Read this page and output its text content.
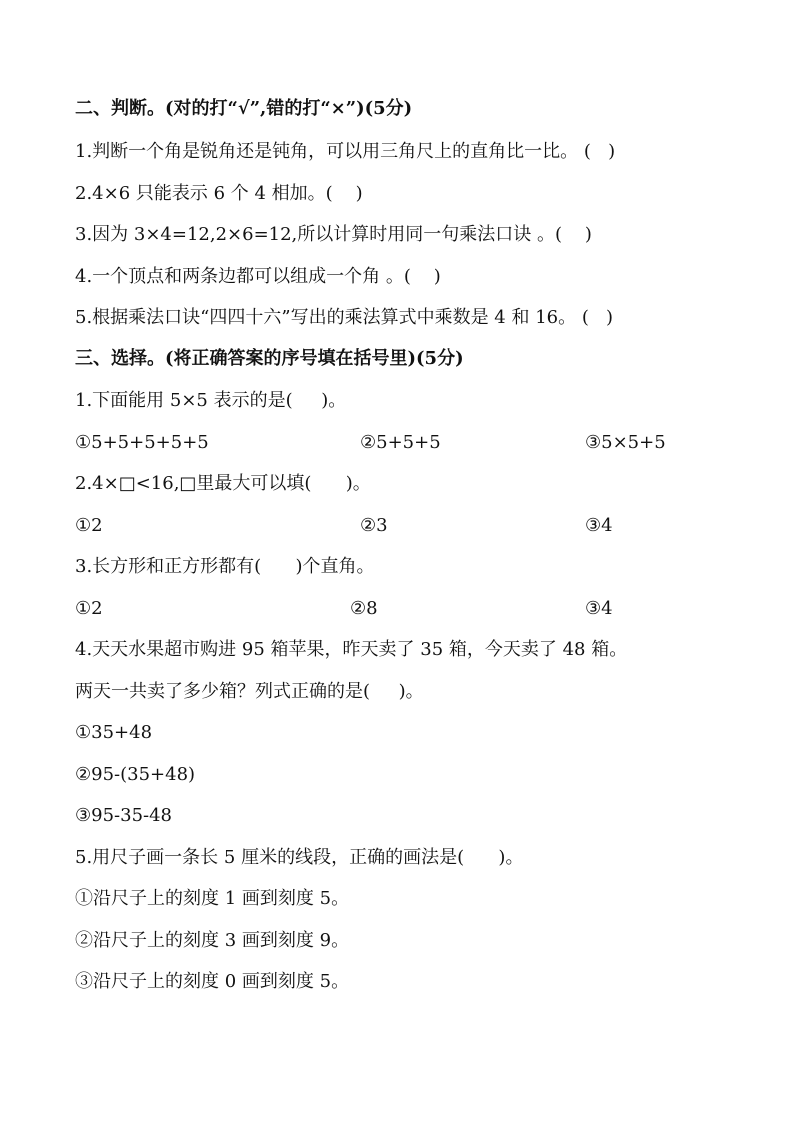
二、判断。(对的打“√”,错的打“×”)(5分)
1.判断一个角是锐角还是钝角，可以用三角尺上的直角比一比。 (   )
2.4×6 只能表示 6 个 4 相加。(    )
3.因为 3×4=12,2×6=12,所以计算时用同一句乘法口诀 。(    )
4.一个顶点和两条边都可以组成一个角 。(    )
5.根据乘法口诀“四四十六”写出的乘法算式中乘数是 4 和 16。 (   )
三、选择。(将正确答案的序号填在括号里)(5分)
1.下面能用 5×5 表示的是(     )。
①5+5+5+5+5	②5+5+5	③5×5+5
2.4×□<16,□里最大可以填(      )。
①2	②3	③4
3.长方形和正方形都有(      )个直角。
①2	②8	③4
4.天天水果超市购进 95 箱苹果，昨天卖了 35 箱，今天卖了 48 箱。
两天一共卖了多少箱？列式正确的是(     )。
①35+48
②95-(35+48)
③95-35-48
5.用尺子画一条长 5 厘米的线段，正确的画法是(      )。
①沿尺子上的刻度 1 画到刻度 5。
②沿尺子上的刻度 3 画到刻度 9。
③沿尺子上的刻度 0 画到刻度 5。
